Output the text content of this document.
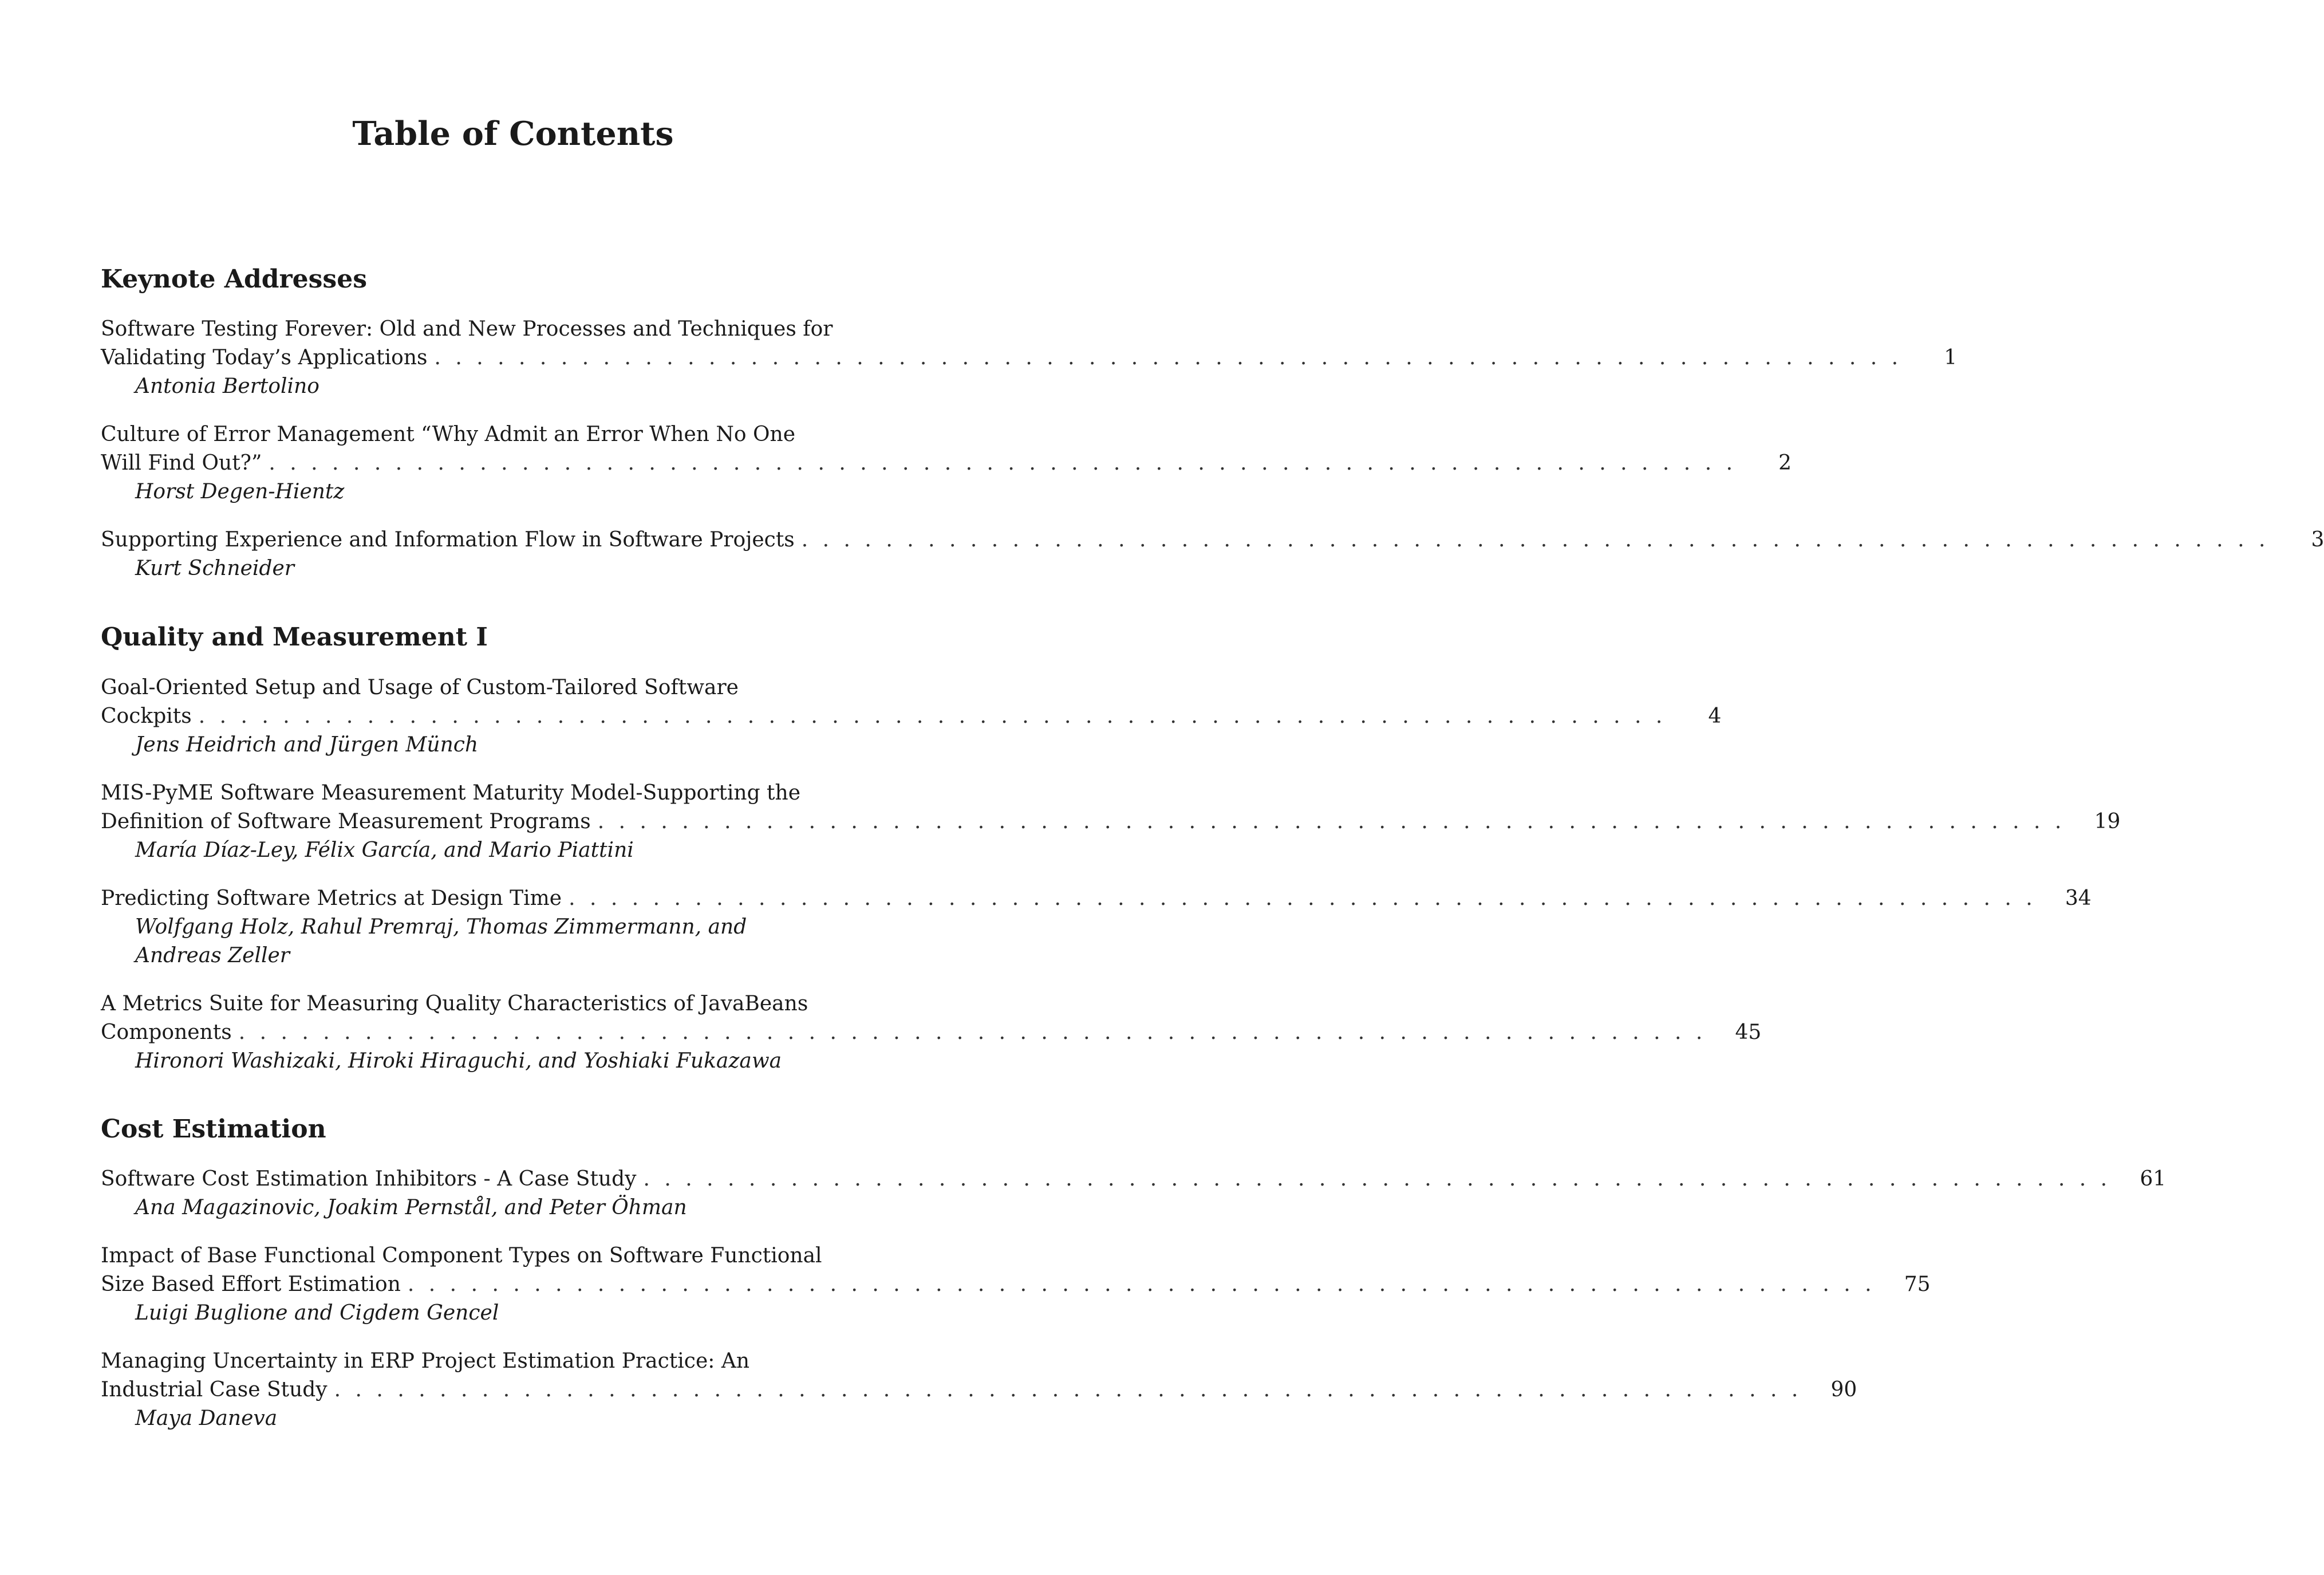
Table of Contents
Keynote Addresses
Software Testing Forever: Old and New Processes and Techniques for
Validating Today’s Applications . . . . . . . . . . . . . . . . . . . . . . . . . . . . . . . . . . . . . . . . . . . . . . . . . . . . . . . . . . . . . . . . . . . . . .	1
Antonia Bertolino
Culture of Error Management “Why Admit an Error When No One
Will Find Out?” . . . . . . . . . . . . . . . . . . . . . . . . . . . . . . . . . . . . . . . . . . . . . . . . . . . . . . . . . . . . . . . . . . . . . .	2
Horst Degen-Hientz
Supporting Experience and Information Flow in Software Projects . . . . . . . . . . . . . . . . . . . . . . . . . . . . . . . . . . . . . . . . . . . . . . . . . . . . . . . . . . . . . . . . . . . . . .	3
Kurt Schneider
Quality and Measurement I
Goal-Oriented Setup and Usage of Custom-Tailored Software
Cockpits . . . . . . . . . . . . . . . . . . . . . . . . . . . . . . . . . . . . . . . . . . . . . . . . . . . . . . . . . . . . . . . . . . . . . .	4
Jens Heidrich and Jürgen Münch
MIS-PyME Software Measurement Maturity Model-Supporting the
Definition of Software Measurement Programs . . . . . . . . . . . . . . . . . . . . . . . . . . . . . . . . . . . . . . . . . . . . . . . . . . . . . . . . . . . . . . . . . . . . . .	19
María Díaz-Ley, Félix García, and Mario Piattini
Predicting Software Metrics at Design Time . . . . . . . . . . . . . . . . . . . . . . . . . . . . . . . . . . . . . . . . . . . . . . . . . . . . . . . . . . . . . . . . . . . . . .	34
Wolfgang Holz, Rahul Premraj, Thomas Zimmermann, and
Andreas Zeller
A Metrics Suite for Measuring Quality Characteristics of JavaBeans
Components . . . . . . . . . . . . . . . . . . . . . . . . . . . . . . . . . . . . . . . . . . . . . . . . . . . . . . . . . . . . . . . . . . . . . .	45
Hironori Washizaki, Hiroki Hiraguchi, and Yoshiaki Fukazawa
Cost Estimation
Software Cost Estimation Inhibitors - A Case Study . . . . . . . . . . . . . . . . . . . . . . . . . . . . . . . . . . . . . . . . . . . . . . . . . . . . . . . . . . . . . . . . . . . . . .	61
Ana Magazinovic, Joakim Pernstål, and Peter Öhman
Impact of Base Functional Component Types on Software Functional
Size Based Effort Estimation . . . . . . . . . . . . . . . . . . . . . . . . . . . . . . . . . . . . . . . . . . . . . . . . . . . . . . . . . . . . . . . . . . . . . .	75
Luigi Buglione and Cigdem Gencel
Managing Uncertainty in ERP Project Estimation Practice: An
Industrial Case Study . . . . . . . . . . . . . . . . . . . . . . . . . . . . . . . . . . . . . . . . . . . . . . . . . . . . . . . . . . . . . . . . . . . . . .	90
Maya Daneva
